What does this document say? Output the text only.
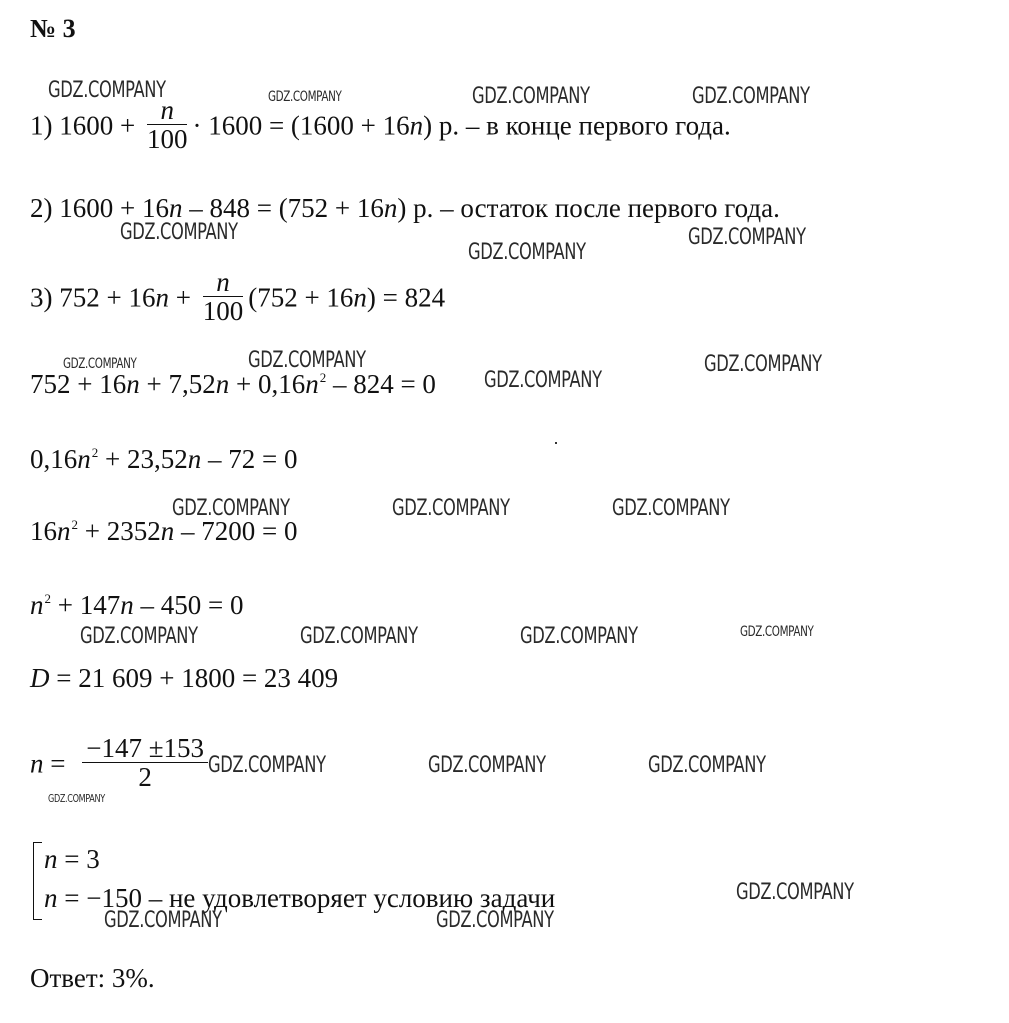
№ 3
1) $1600 + \frac{n}{100} \cdot 1600 = (1600 + 16n)$ р. – в конце первого года.
2) 1600 + 16n – 848 = (752 + 16n) р. – остаток после первого года.
3) $752 + 16n + \frac{n}{100} (752 + 16n) = 824$
$752 + 16n + 7,52n + 0,16n^2 - 824 = 0$
$0,16n^2 + 23,52n - 72 = 0$
$16n^2 + 2352n - 7200 = 0$
$n^2 + 147n - 450 = 0$
D = 21 609 + 1800 = 23 409
$n = \frac{-147 \pm 153}{2}$
n = 3
n = −150 – не удовлетворяет условию задачи
Ответ: 3%.
GDZ.COMPANY	GDZ.COMPANY	GDZ.COMPANY	GDZ.COMPANY
GDZ.COMPANY
GDZ.COMPANY
GDZ.COMPANY
GDZ.COMPANY	GDZ.COMPANY
GDZ.COMPANY
GDZ.COMPANY
GDZ.COMPANY	GDZ.COMPANY	GDZ.COMPANY
GDZ.COMPANY	GDZ.COMPANY	GDZ.COMPANY	GDZ.COMPANY
GDZ.COMPANY	GDZ.COMPANY	GDZ.COMPANY
GDZ.COMPANY
GDZ.COMPANY
GDZ.COMPANY	GDZ.COMPANY
